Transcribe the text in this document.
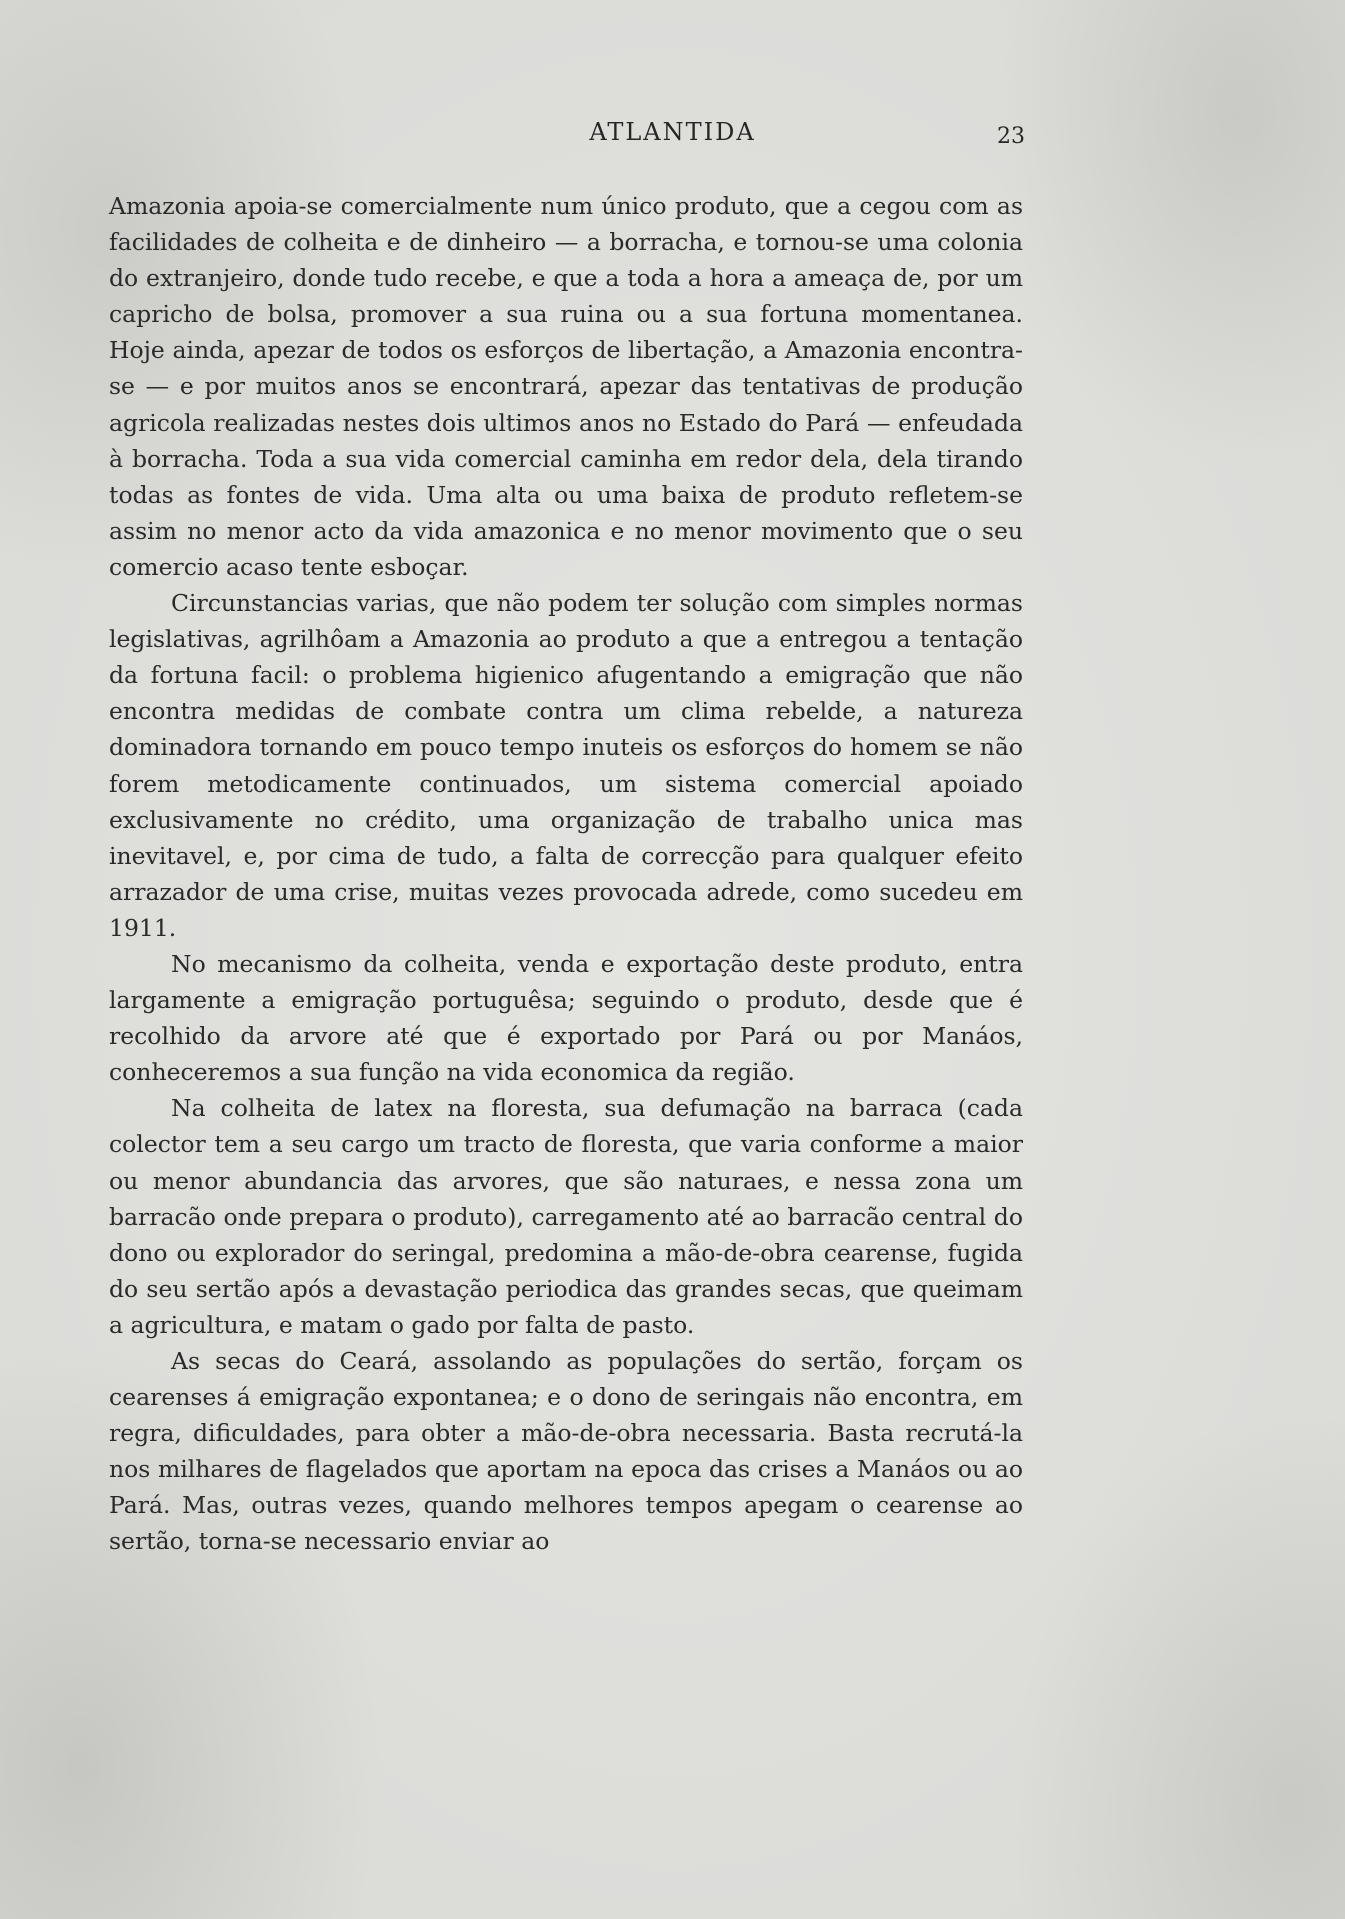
ATLANTIDA	23

Amazonia apoia-se comercialmente num único produto, que a cegou com as facilidades de colheita e de dinheiro — a borracha, e tornou-se uma colonia do extranjeiro, donde tudo recebe, e que a toda a hora a ameaça de, por um capricho de bolsa, promover a sua ruina ou a sua fortuna momentanea. Hoje ainda, apezar de todos os esforços de libertação, a Amazonia encontra-se — e por muitos anos se encontrará, apezar das tentativas de produção agricola realizadas nestes dois ultimos anos no Estado do Pará — enfeudada à borracha. Toda a sua vida comercial caminha em redor dela, dela tirando todas as fontes de vida. Uma alta ou uma baixa de produto refletem-se assim no menor acto da vida amazonica e no menor movimento que o seu comercio acaso tente esboçar.

Circunstancias varias, que não podem ter solução com simples normas legislativas, agrilhôam a Amazonia ao produto a que a entregou a tentação da fortuna facil: o problema higienico afugentando a emigração que não encontra medidas de combate contra um clima rebelde, a natureza dominadora tornando em pouco tempo inuteis os esforços do homem se não forem metodicamente continuados, um sistema comercial apoiado exclusivamente no crédito, uma organização de trabalho unica mas inevitavel, e, por cima de tudo, a falta de correcção para qualquer efeito arrazador de uma crise, muitas vezes provocada adrede, como sucedeu em 1911.

No mecanismo da colheita, venda e exportação deste produto, entra largamente a emigração portuguêsa; seguindo o produto, desde que é recolhido da arvore até que é exportado por Pará ou por Manáos, conheceremos a sua função na vida economica da região.

Na colheita de latex na floresta, sua defumação na barraca (cada colector tem a seu cargo um tracto de floresta, que varia conforme a maior ou menor abundancia das arvores, que são naturaes, e nessa zona um barracão onde prepara o produto), carregamento até ao barracão central do dono ou explorador do seringal, predomina a mão-de-obra cearense, fugida do seu sertão após a devastação periodica das grandes secas, que queimam a agricultura, e matam o gado por falta de pasto.

As secas do Ceará, assolando as populações do sertão, forçam os cearenses á emigração expontanea; e o dono de seringais não encontra, em regra, dificuldades, para obter a mão-de-obra necessaria. Basta recrutá-la nos milhares de flagelados que aportam na epoca das crises a Manáos ou ao Pará. Mas, outras vezes, quando melhores tempos apegam o cearense ao sertão, torna-se necessario enviar ao
